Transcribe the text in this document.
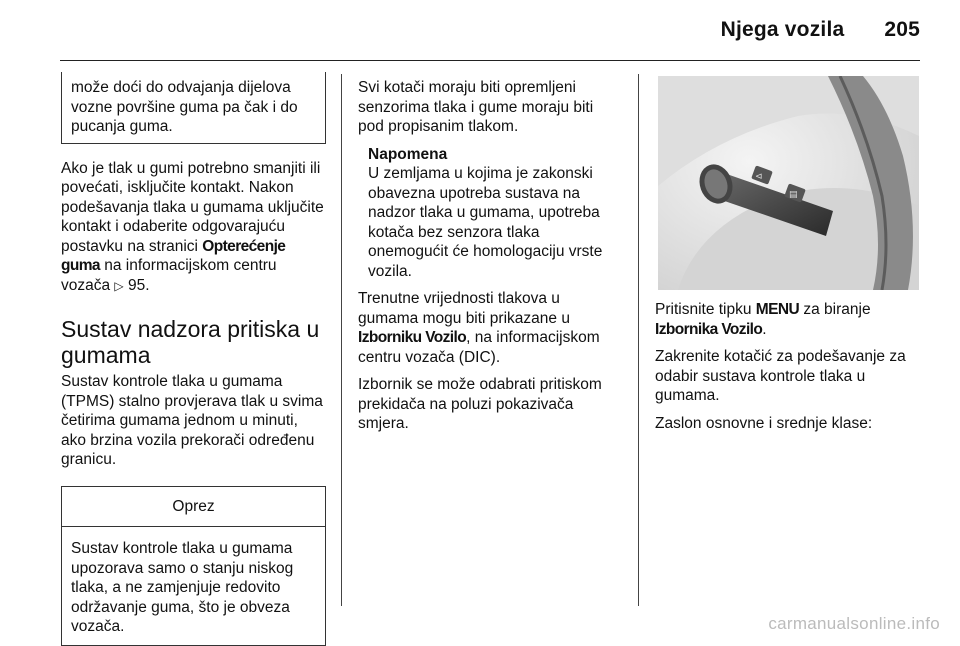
Njega vozila 205

može doći do odvajanja dijelova vozne površine guma pa čak i do pucanja guma.

Ako je tlak u gumi potrebno smanjiti ili povećati, isključite kontakt. Nakon podešavanja tlaka u gumama uključite kontakt i odaberite odgovarajuću postavku na stranici Opterećenje guma na informacijskom centru vozača ▷ 95.

Sustav nadzora pritiska u gumama

Sustav kontrole tlaka u gumama (TPMS) stalno provjerava tlak u svima četirima gumama jednom u minuti, ako brzina vozila prekorači određenu granicu.

Oprez
Sustav kontrole tlaka u gumama upozorava samo o stanju niskog tlaka, a ne zamjenjuje redovito održavanje guma, što je obveza vozača.

Svi kotači moraju biti opremljeni senzorima tlaka i gume moraju biti pod propisanim tlakom.

Napomena

U zemljama u kojima je zakonski obavezna upotreba sustava na nadzor tlaka u gumama, upotreba kotača bez senzora tlaka onemogućit će homologaciju vrste vozila.

Trenutne vrijednosti tlakova u gumama mogu biti prikazane u Izborniku Vozilo, na informacijskom centru vozača (DIC).

Izbornik se može odabrati pritiskom prekidača na poluzi pokazivača smjera.

⊲
▤

Pritisnite tipku MENU za biranje Izbornika Vozilo.

Zakrenite kotačić za podešavanje za odabir sustava kontrole tlaka u gumama.

Zaslon osnovne i srednje klase:

carmanualsonline.info
